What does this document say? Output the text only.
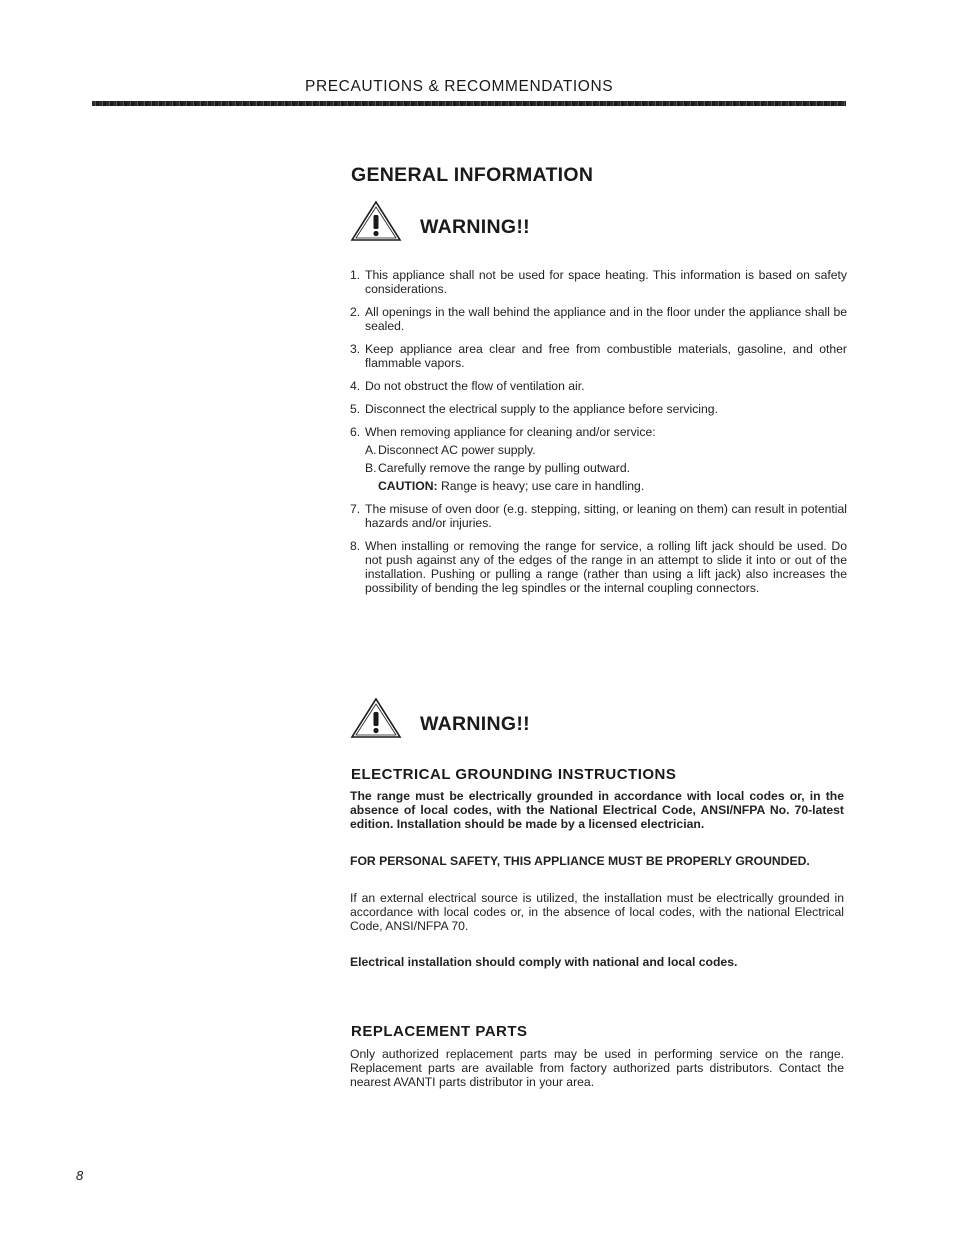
PRECAUTIONS & RECOMMENDATIONS
GENERAL INFORMATION
WARNING!!
1. This appliance shall not be used for space heating. This information is based on safety considerations.
2. All openings in the wall behind the appliance and in the floor under the appliance shall be sealed.
3. Keep appliance area clear and free from combustible materials, gasoline, and other flammable vapors.
4. Do not obstruct the flow of ventilation air.
5. Disconnect the electrical supply to the appliance before servicing.
6. When removing appliance for cleaning and/or service:
A. Disconnect AC power supply.
B. Carefully remove the range by pulling outward.
CAUTION: Range is heavy; use care in handling.
7. The misuse of oven door (e.g. stepping, sitting, or leaning on them) can result in potential hazards and/or injuries.
8. When installing or removing the range for service, a rolling lift jack should be used. Do not push against any of the edges of the range in an attempt to slide it into or out of the installation. Pushing or pulling a range (rather than using a lift jack) also increases the possibility of bending the leg spindles or the internal coupling connectors.
WARNING!!
ELECTRICAL GROUNDING INSTRUCTIONS
The range must be electrically grounded in accordance with local codes or, in the absence of local codes, with the National Electrical Code, ANSI/NFPA No. 70-latest edition. Installation should be made by a licensed electrician.
FOR PERSONAL SAFETY, THIS APPLIANCE MUST BE PROPERLY GROUNDED.
If an external electrical source is utilized, the installation must be electrically grounded in accordance with local codes or, in the absence of local codes, with the national Electrical Code, ANSI/NFPA 70.
Electrical installation should comply with national and local codes.
REPLACEMENT PARTS
Only authorized replacement parts may be used in performing service on the range. Replacement parts are available from factory authorized parts distributors. Contact the nearest AVANTI parts distributor in your area.
8
